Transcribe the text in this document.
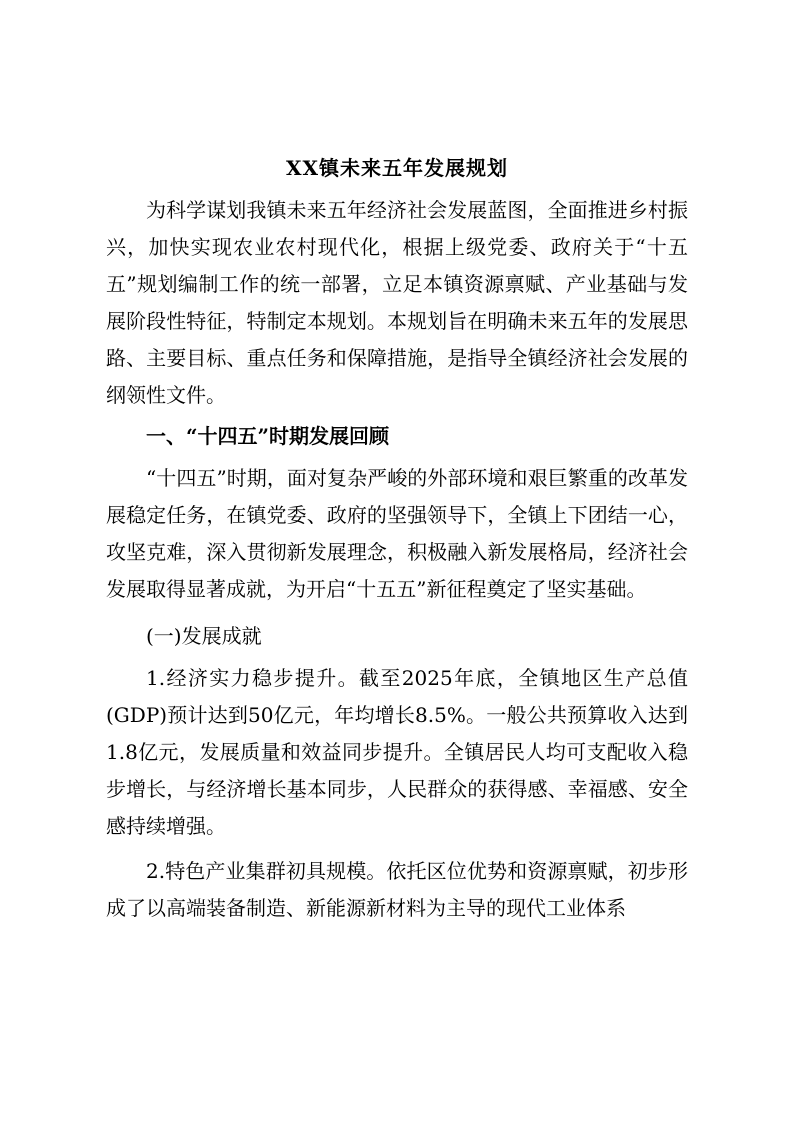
XX镇未来五年发展规划

为科学谋划我镇未来五年经济社会发展蓝图，全面推进乡村振兴，加快实现农业农村现代化，根据上级党委、政府关于“十五五”规划编制工作的统一部署，立足本镇资源禀赋、产业基础与发展阶段性特征，特制定本规划。本规划旨在明确未来五年的发展思路、主要目标、重点任务和保障措施，是指导全镇经济社会发展的纲领性文件。

一、“十四五”时期发展回顾

“十四五”时期，面对复杂严峻的外部环境和艰巨繁重的改革发展稳定任务，在镇党委、政府的坚强领导下，全镇上下团结一心，攻坚克难，深入贯彻新发展理念，积极融入新发展格局，经济社会发展取得显著成就，为开启“十五五”新征程奠定了坚实基础。

(一)发展成就

1.经济实力稳步提升。截至2025年底，全镇地区生产总值(GDP)预计达到50亿元，年均增长8.5%。一般公共预算收入达到1.8亿元，发展质量和效益同步提升。全镇居民人均可支配收入稳步增长，与经济增长基本同步，人民群众的获得感、幸福感、安全感持续增强。

2.特色产业集群初具规模。依托区位优势和资源禀赋，初步形成了以高端装备制造、新能源新材料为主导的现代工业体系
